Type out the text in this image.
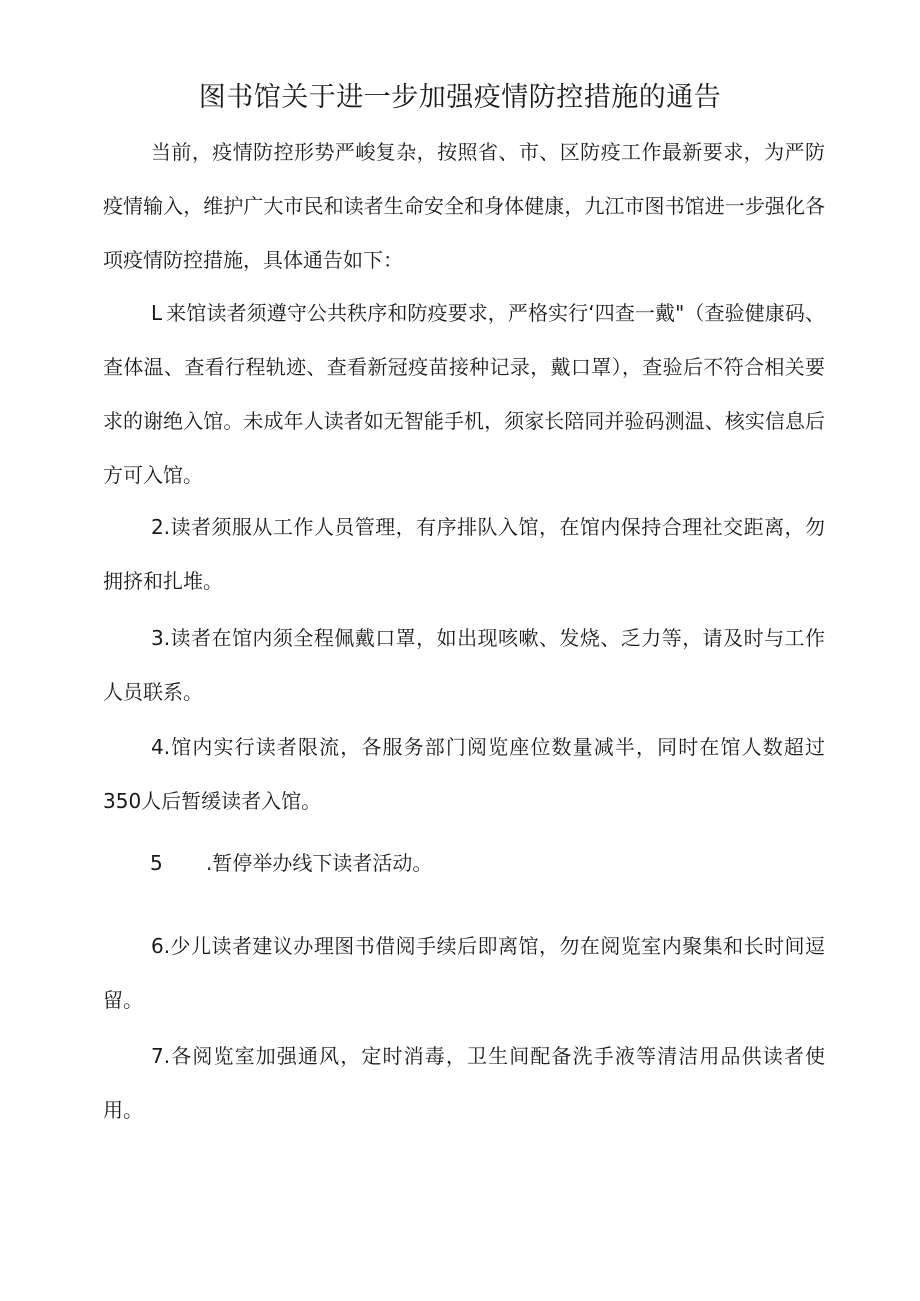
图书馆关于进一步加强疫情防控措施的通告

当前，疫情防控形势严峻复杂，按照省、市、区防疫工作最新要求，为严防疫情输入，维护广大市民和读者生命安全和身体健康，九江市图书馆进一步强化各项疫情防控措施，具体通告如下：

L 来馆读者须遵守公共秩序和防疫要求，严格实行‘四查一戴"（查验健康码、查体温、查看行程轨迹、查看新冠疫苗接种记录，戴口罩），查验后不符合相关要求的谢绝入馆。未成年人读者如无智能手机，须家长陪同并验码测温、核实信息后方可入馆。

2.读者须服从工作人员管理，有序排队入馆，在馆内保持合理社交距离，勿拥挤和扎堆。

3.读者在馆内须全程佩戴口罩，如出现咳嗽、发烧、乏力等，请及时与工作人员联系。

4.馆内实行读者限流，各服务部门阅览座位数量减半，同时在馆人数超过350人后暂缓读者入馆。

5 .暂停举办线下读者活动。

6.少儿读者建议办理图书借阅手续后即离馆，勿在阅览室内聚集和长时间逗留。

7.各阅览室加强通风，定时消毒，卫生间配备洗手液等清洁用品供读者使用。
